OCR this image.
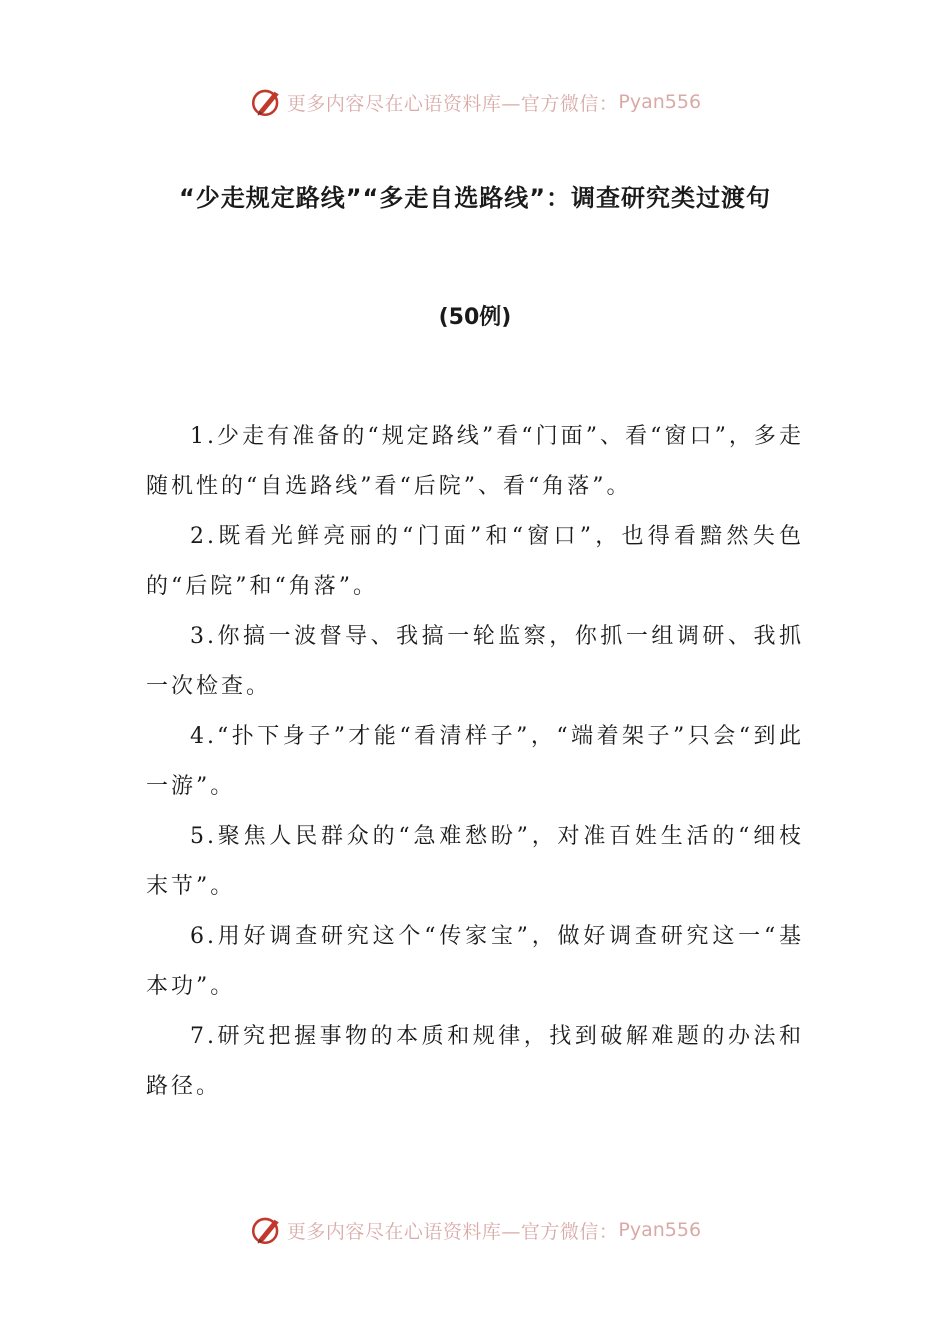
更多内容尽在心语资料库—官方微信： Pyan556
“少走规定路线”“多走自选路线”：调查研究类过渡句
(50例)

1.少走有准备的“规定路线”看“门面”、看“窗口”，多走随机性的“自选路线”看“后院”、看“角落”。

2.既看光鲜亮丽的“门面”和“窗口”，也得看黯然失色的“后院”和“角落”。

3.你搞一波督导、我搞一轮监察，你抓一组调研、我抓一次检查。

4.“扑下身子”才能“看清样子”，“端着架子”只会“到此一游”。

5.聚焦人民群众的“急难愁盼”，对准百姓生活的“细枝末节”。

6.用好调查研究这个“传家宝”，做好调查研究这一“基本功”。

7.研究把握事物的本质和规律，找到破解难题的办法和路径。

更多内容尽在心语资料库—官方微信： Pyan556
